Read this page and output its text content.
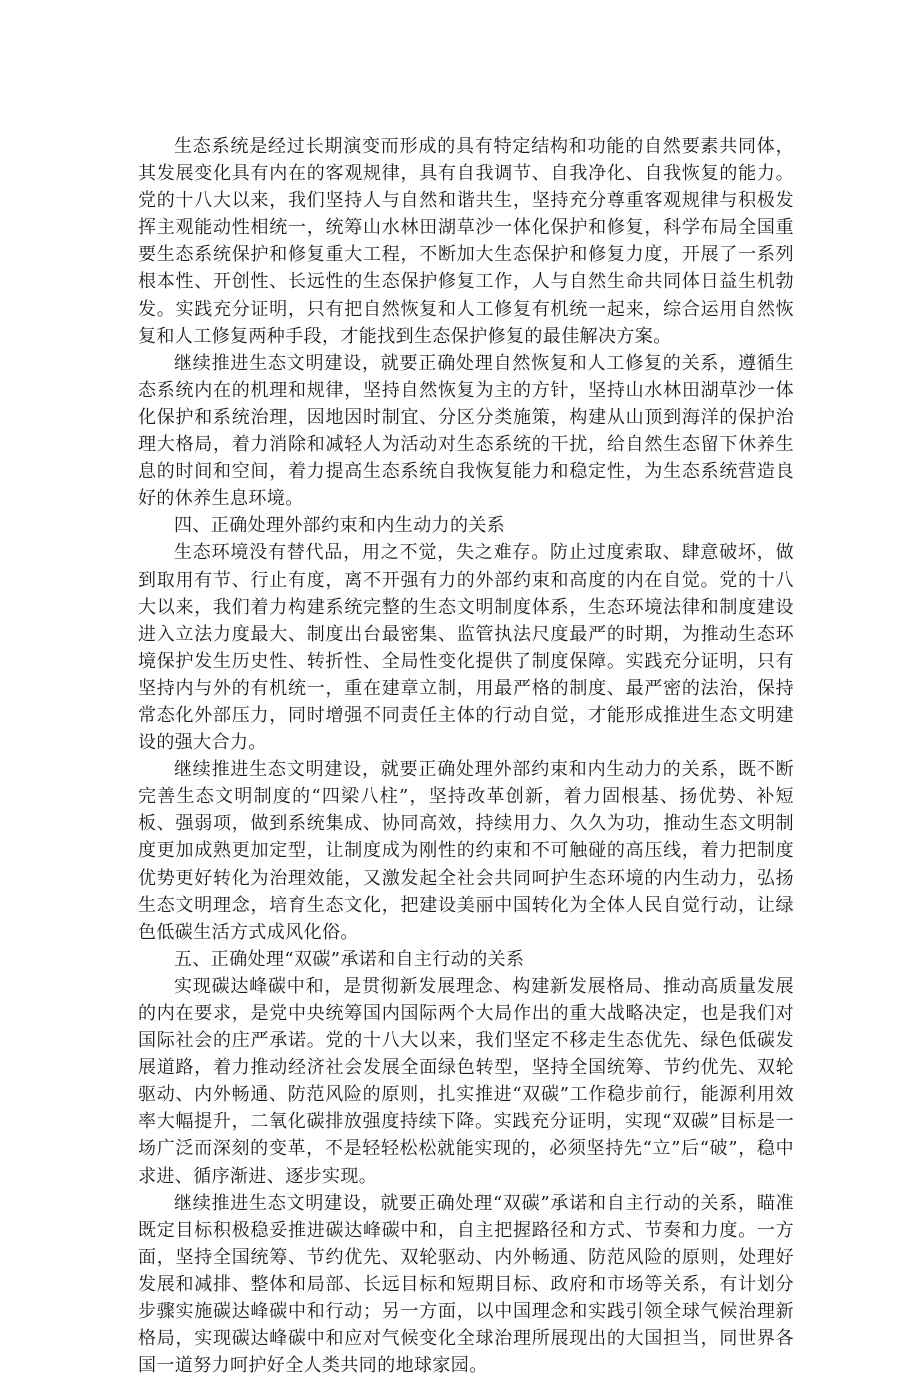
生态系统是经过长期演变而形成的具有特定结构和功能的自然要素共同体，其发展变化具有内在的客观规律，具有自我调节、自我净化、自我恢复的能力。党的十八大以来，我们坚持人与自然和谐共生，坚持充分尊重客观规律与积极发挥主观能动性相统一，统筹山水林田湖草沙一体化保护和修复，科学布局全国重要生态系统保护和修复重大工程，不断加大生态保护和修复力度，开展了一系列根本性、开创性、长远性的生态保护修复工作，人与自然生命共同体日益生机勃发。实践充分证明，只有把自然恢复和人工修复有机统一起来，综合运用自然恢复和人工修复两种手段，才能找到生态保护修复的最佳解决方案。

继续推进生态文明建设，就要正确处理自然恢复和人工修复的关系，遵循生态系统内在的机理和规律，坚持自然恢复为主的方针，坚持山水林田湖草沙一体化保护和系统治理，因地因时制宜、分区分类施策，构建从山顶到海洋的保护治理大格局，着力消除和减轻人为活动对生态系统的干扰，给自然生态留下休养生息的时间和空间，着力提高生态系统自我恢复能力和稳定性，为生态系统营造良好的休养生息环境。

四、正确处理外部约束和内生动力的关系

生态环境没有替代品，用之不觉，失之难存。防止过度索取、肆意破坏，做到取用有节、行止有度，离不开强有力的外部约束和高度的内在自觉。党的十八大以来，我们着力构建系统完整的生态文明制度体系，生态环境法律和制度建设进入立法力度最大、制度出台最密集、监管执法尺度最严的时期，为推动生态环境保护发生历史性、转折性、全局性变化提供了制度保障。实践充分证明，只有坚持内与外的有机统一，重在建章立制，用最严格的制度、最严密的法治，保持常态化外部压力，同时增强不同责任主体的行动自觉，才能形成推进生态文明建设的强大合力。

继续推进生态文明建设，就要正确处理外部约束和内生动力的关系，既不断完善生态文明制度的“四梁八柱”，坚持改革创新，着力固根基、扬优势、补短板、强弱项，做到系统集成、协同高效，持续用力、久久为功，推动生态文明制度更加成熟更加定型，让制度成为刚性的约束和不可触碰的高压线，着力把制度优势更好转化为治理效能，又激发起全社会共同呵护生态环境的内生动力，弘扬生态文明理念，培育生态文化，把建设美丽中国转化为全体人民自觉行动，让绿色低碳生活方式成风化俗。

五、正确处理“双碳”承诺和自主行动的关系

实现碳达峰碳中和，是贯彻新发展理念、构建新发展格局、推动高质量发展的内在要求，是党中央统筹国内国际两个大局作出的重大战略决定，也是我们对国际社会的庄严承诺。党的十八大以来，我们坚定不移走生态优先、绿色低碳发展道路，着力推动经济社会发展全面绿色转型，坚持全国统筹、节约优先、双轮驱动、内外畅通、防范风险的原则，扎实推进“双碳”工作稳步前行，能源利用效率大幅提升，二氧化碳排放强度持续下降。实践充分证明，实现“双碳”目标是一场广泛而深刻的变革，不是轻轻松松就能实现的，必须坚持先“立”后“破”，稳中求进、循序渐进、逐步实现。

继续推进生态文明建设，就要正确处理“双碳”承诺和自主行动的关系，瞄准既定目标积极稳妥推进碳达峰碳中和，自主把握路径和方式、节奏和力度。一方面，坚持全国统筹、节约优先、双轮驱动、内外畅通、防范风险的原则，处理好发展和减排、整体和局部、长远目标和短期目标、政府和市场等关系，有计划分步骤实施碳达峰碳中和行动；另一方面，以中国理念和实践引领全球气候治理新格局，实现碳达峰碳中和应对气候变化全球治理所展现出的大国担当，同世界各国一道努力呵护好全人类共同的地球家园。
